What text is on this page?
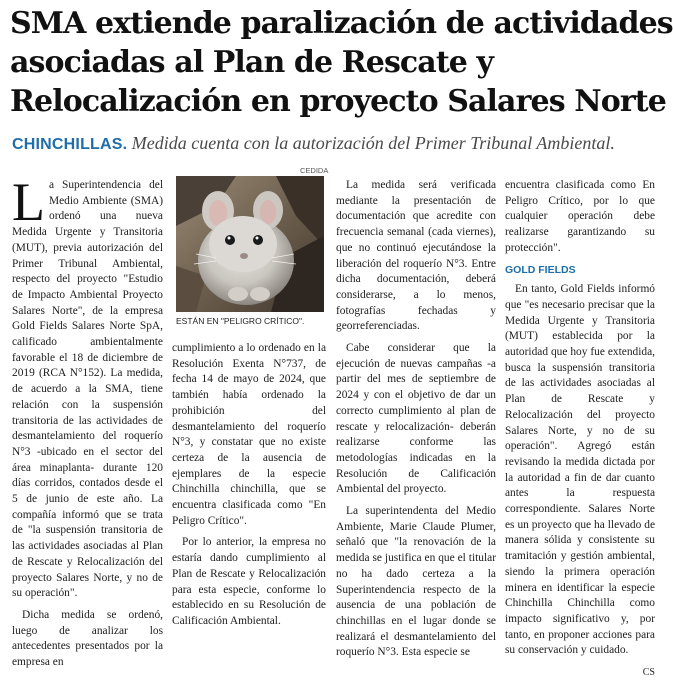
SMA extiende paralización de actividades
asociadas al Plan de Rescate y
Relocalización en proyecto Salares Norte
CHINCHILLAS. Medida cuenta con la autorización del Primer Tribunal Ambiental.

La Superintendencia del Medio Ambiente (SMA) ordenó una nueva Medida Urgente y Transitoria (MUT), previa autorización del Primer Tribunal Ambiental, respecto del proyecto "Estudio de Impacto Ambiental Proyecto Salares Norte", de la empresa Gold Fields Salares Norte SpA, calificado ambientalmente favorable el 18 de diciembre de 2019 (RCA N°152). La medida, de acuerdo a la SMA, tiene relación con la suspensión transitoria de las actividades de desmantelamiento del roquerío N°3 -ubicado en el sector del área minaplanta- durante 120 días corridos, contados desde el 5 de junio de este año. La compañía informó que se trata de "la suspensión transitoria de las actividades asociadas al Plan de Rescate y Relocalización del proyecto Salares Norte, y no de su operación".

Dicha medida se ordenó, luego de analizar los antecedentes presentados por la empresa en

CEDIDA
ESTÁN EN "PELIGRO CRÍTICO".

cumplimiento a lo ordenado en la Resolución Exenta N°737, de fecha 14 de mayo de 2024, que también había ordenado la prohibición del desmantelamiento del roquerío N°3, y constatar que no existe certeza de la ausencia de ejemplares de la especie Chinchilla chinchilla, que se encuentra clasificada como "En Peligro Crítico".

Por lo anterior, la empresa no estaría dando cumplimiento al Plan de Rescate y Relocalización para esta especie, conforme lo establecido en su Resolución de Calificación Ambiental.

La medida será verificada mediante la presentación de documentación que acredite con frecuencia semanal (cada viernes), que no continuó ejecutándose la liberación del roquerío N°3. Entre dicha documentación, deberá considerarse, a lo menos, fotografías fechadas y georreferenciadas.

Cabe considerar que la ejecución de nuevas campañas -a partir del mes de septiembre de 2024 y con el objetivo de dar un correcto cumplimiento al plan de rescate y relocalización- deberán realizarse conforme las metodologías indicadas en la Resolución de Calificación Ambiental del proyecto.

La superintendenta del Medio Ambiente, Marie Claude Plumer, señaló que "la renovación de la medida se justifica en que el titular no ha dado certeza a la Superintendencia respecto de la ausencia de una población de chinchillas en el lugar donde se realizará el desmantelamiento del roquerío N°3. Esta especie se

encuentra clasificada como En Peligro Crítico, por lo que cualquier operación debe realizarse garantizando su protección".

GOLD FIELDS

En tanto, Gold Fields informó que "es necesario precisar que la Medida Urgente y Transitoria (MUT) establecida por la autoridad que hoy fue extendida, busca la suspensión transitoria de las actividades asociadas al Plan de Rescate y Relocalización del proyecto Salares Norte, y no de su operación". Agregó están revisando la medida dictada por la autoridad a fin de dar cuanto antes la respuesta correspondiente. Salares Norte es un proyecto que ha llevado de manera sólida y consistente su tramitación y gestión ambiental, siendo la primera operación minera en identificar la especie Chinchilla Chinchilla como impacto significativo y, por tanto, en proponer acciones para su conservación y cuidado.

CS
